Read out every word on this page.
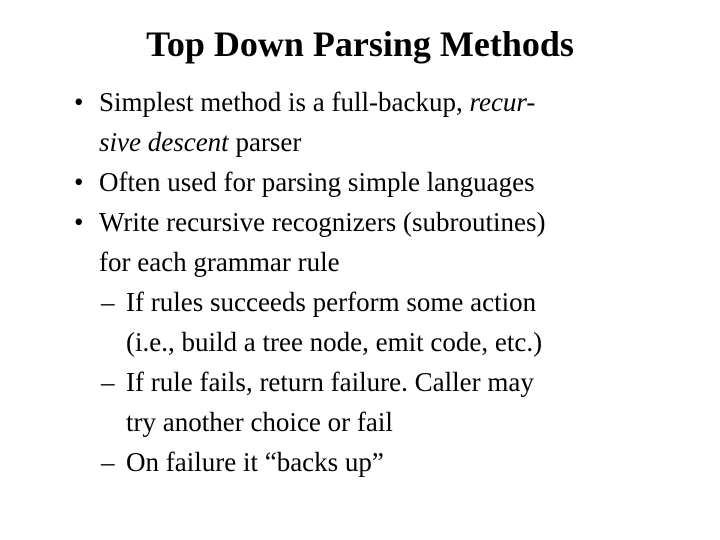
Top Down Parsing Methods
• Simplest method is a full-backup, recur-
sive descent parser
• Often used for parsing simple languages
• Write recursive recognizers (subroutines)
for each grammar rule
– If rules succeeds perform some action
(i.e., build a tree node, emit code, etc.)
– If rule fails, return failure. Caller may
try another choice or fail
– On failure it “backs up”
